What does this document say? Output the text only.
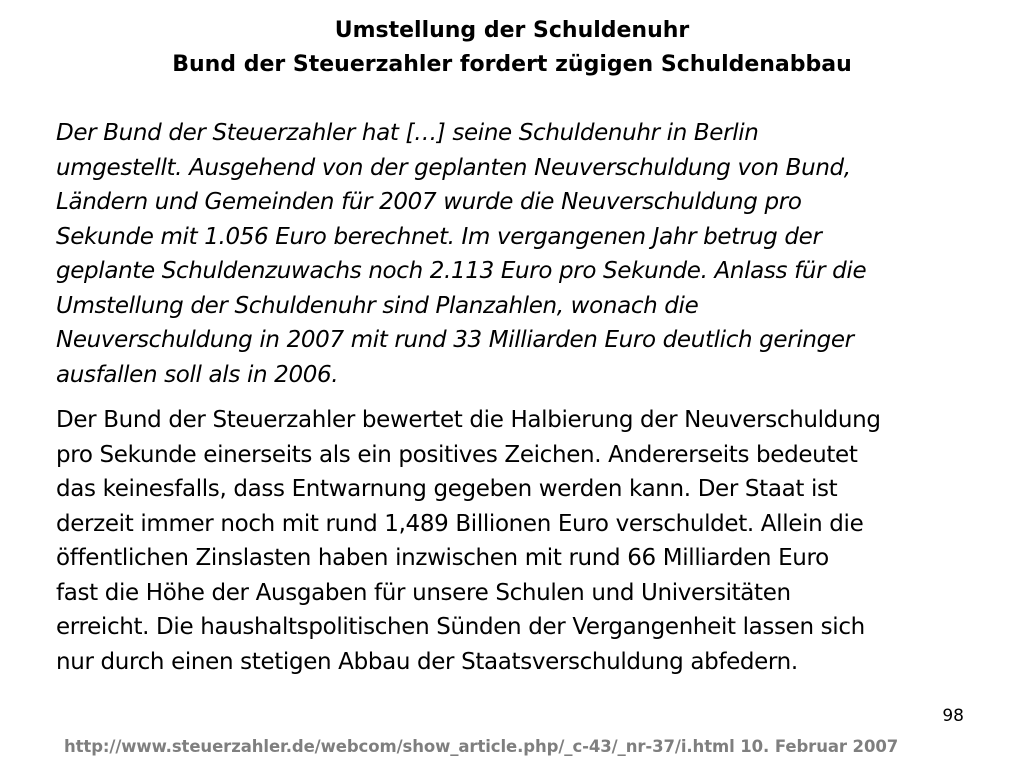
Umstellung der Schuldenuhr
Bund der Steuerzahler fordert zügigen Schuldenabbau

Der Bund der Steuerzahler hat […] seine Schuldenuhr in Berlin
umgestellt. Ausgehend von der geplanten Neuverschuldung von Bund,
Ländern und Gemeinden für 2007 wurde die Neuverschuldung pro
Sekunde mit 1.056 Euro berechnet. Im vergangenen Jahr betrug der
geplante Schuldenzuwachs noch 2.113 Euro pro Sekunde. Anlass für die
Umstellung der Schuldenuhr sind Planzahlen, wonach die
Neuverschuldung in 2007 mit rund 33 Milliarden Euro deutlich geringer
ausfallen soll als in 2006.

Der Bund der Steuerzahler bewertet die Halbierung der Neuverschuldung
pro Sekunde einerseits als ein positives Zeichen. Andererseits bedeutet
das keinesfalls, dass Entwarnung gegeben werden kann. Der Staat ist
derzeit immer noch mit rund 1,489 Billionen Euro verschuldet. Allein die
öffentlichen Zinslasten haben inzwischen mit rund 66 Milliarden Euro
fast die Höhe der Ausgaben für unsere Schulen und Universitäten
erreicht. Die haushaltspolitischen Sünden der Vergangenheit lassen sich
nur durch einen stetigen Abbau der Staatsverschuldung abfedern.

98
http://www.steuerzahler.de/webcom/show_article.php/_c-43/_nr-37/i.html 10. Februar 2007
